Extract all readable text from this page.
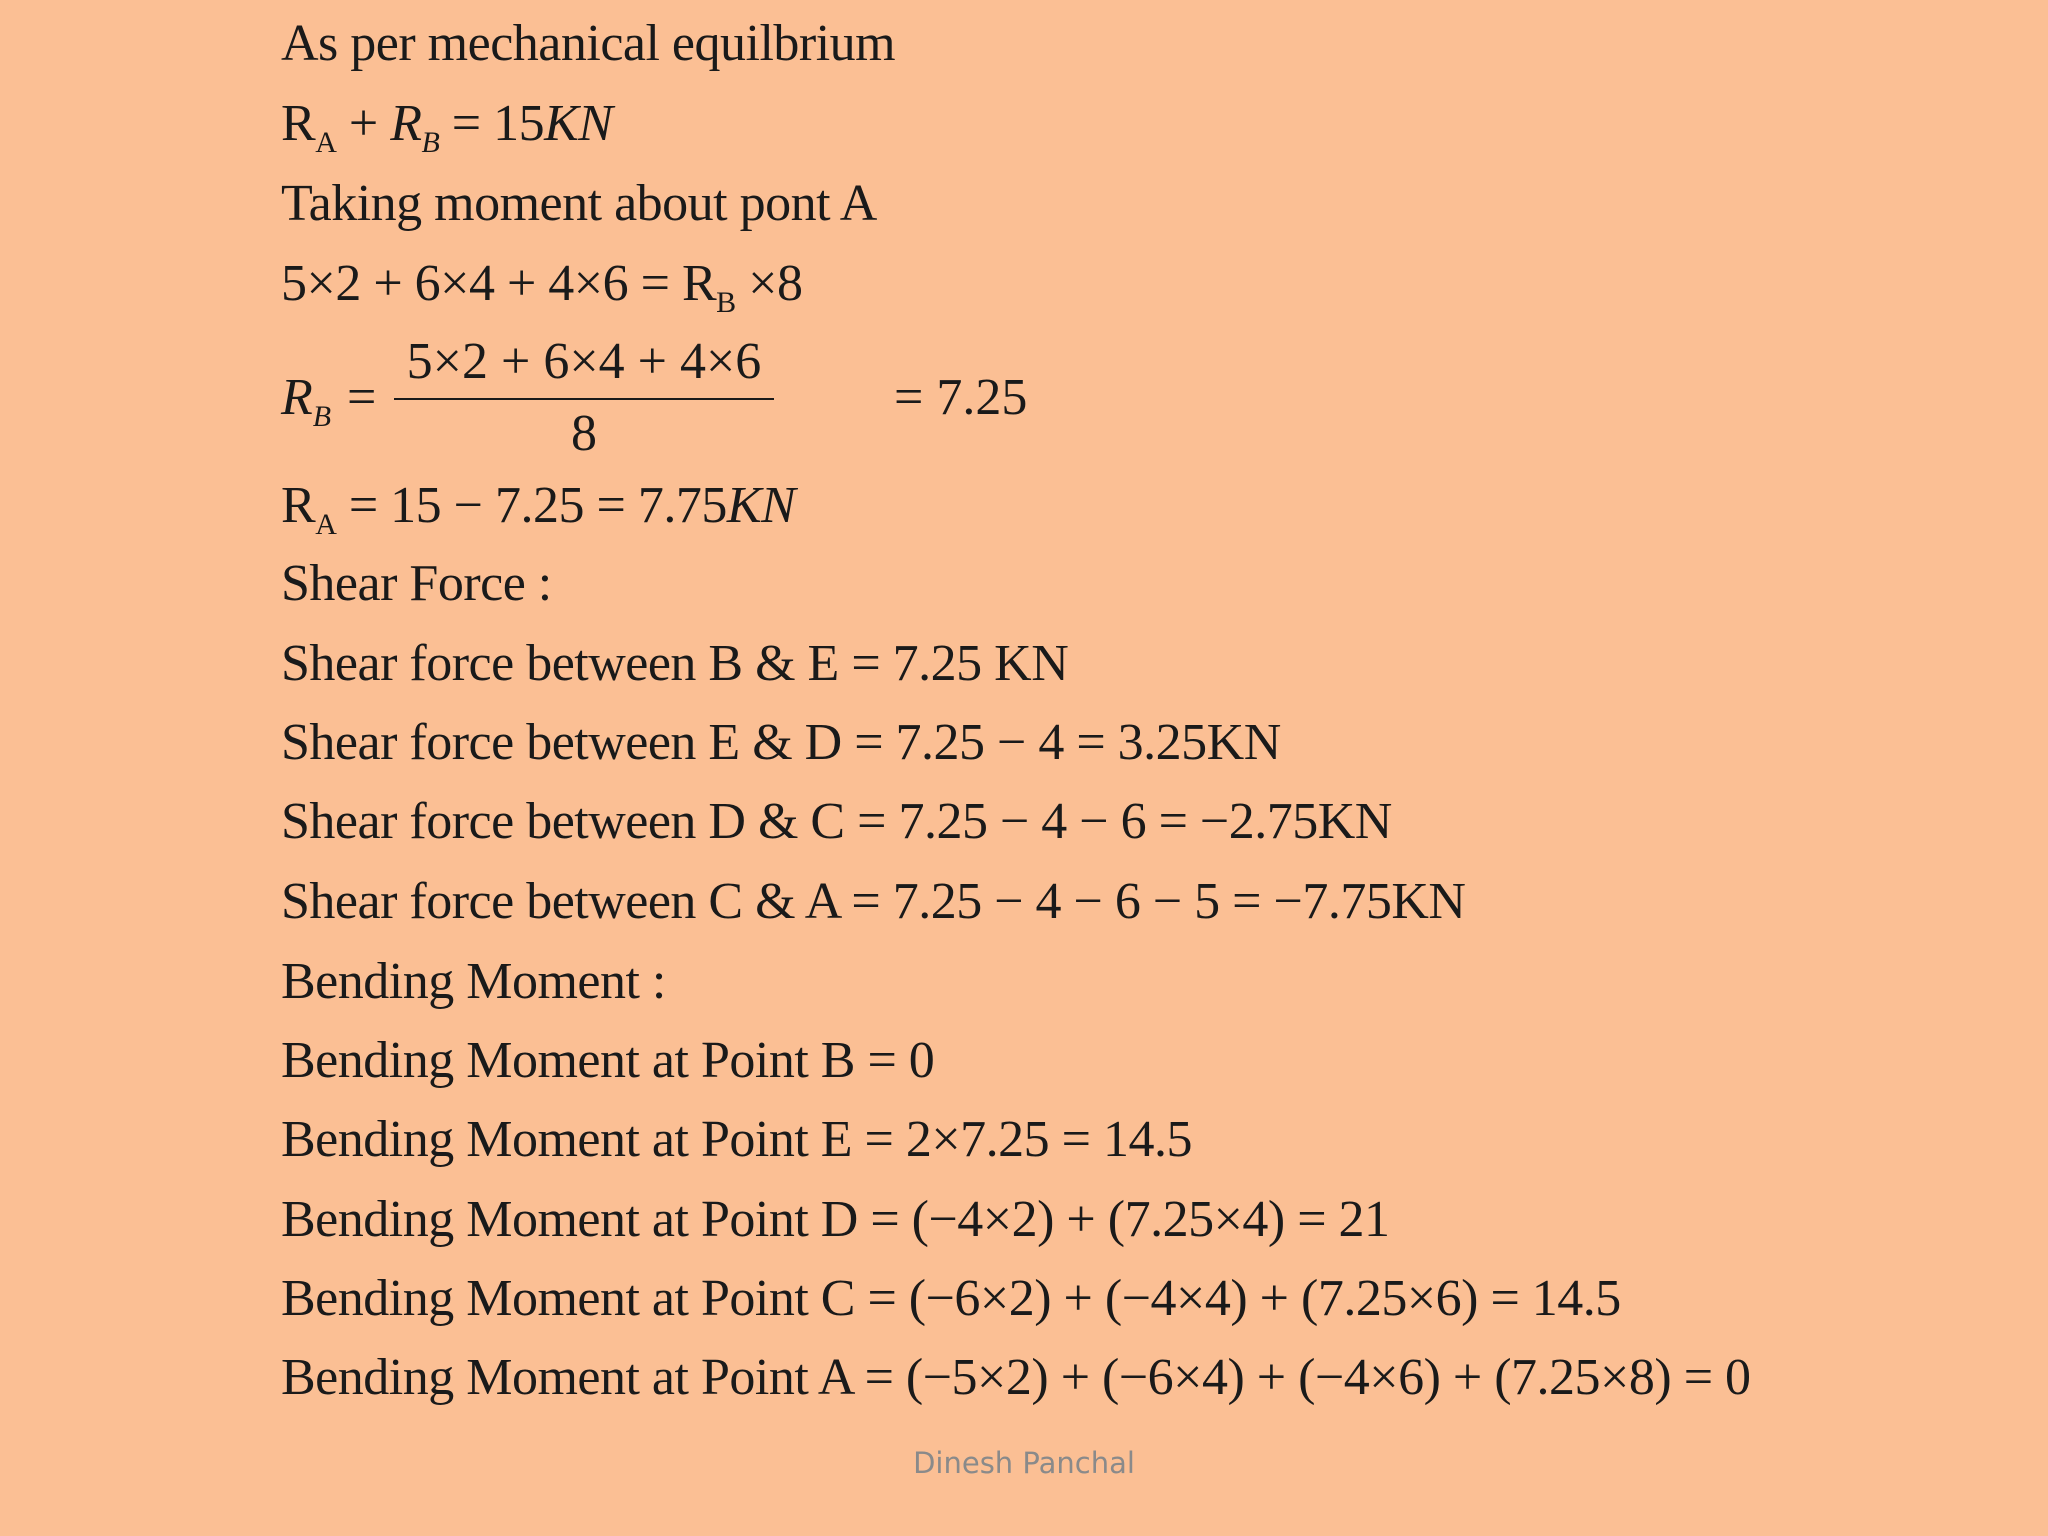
As per mechanical equilbrium
$R_A + R_B = 15KN$
Taking moment about pont A
$5\times 2 + 6\times 4 + 4\times 6 = R_B \times 8$
$R_B$ =
5×2 + 6×4 + 4×6
8
= 7.25
$R_A = 15 - 7.25 = 7.75KN$
Shear Force :
Shear force between B & E = 7.25 KN
Shear force between E & D = 7.25 − 4 = 3.25KN
Shear force between D & C = 7.25 − 4 − 6 = −2.75KN
Shear force between C & A = 7.25 − 4 − 6 − 5 = −7.75KN
Bending Moment :
Bending Moment at Point B = 0
Bending Moment at Point E = 2×7.25 = 14.5
Bending Moment at Point D = (−4×2) + (7.25×4) = 21
Bending Moment at Point C = (−6×2) + (−4×4) + (7.25×6) = 14.5
Bending Moment at Point A = (−5×2) + (−6×4) + (−4×6) + (7.25×8) = 0
Dinesh Panchal
